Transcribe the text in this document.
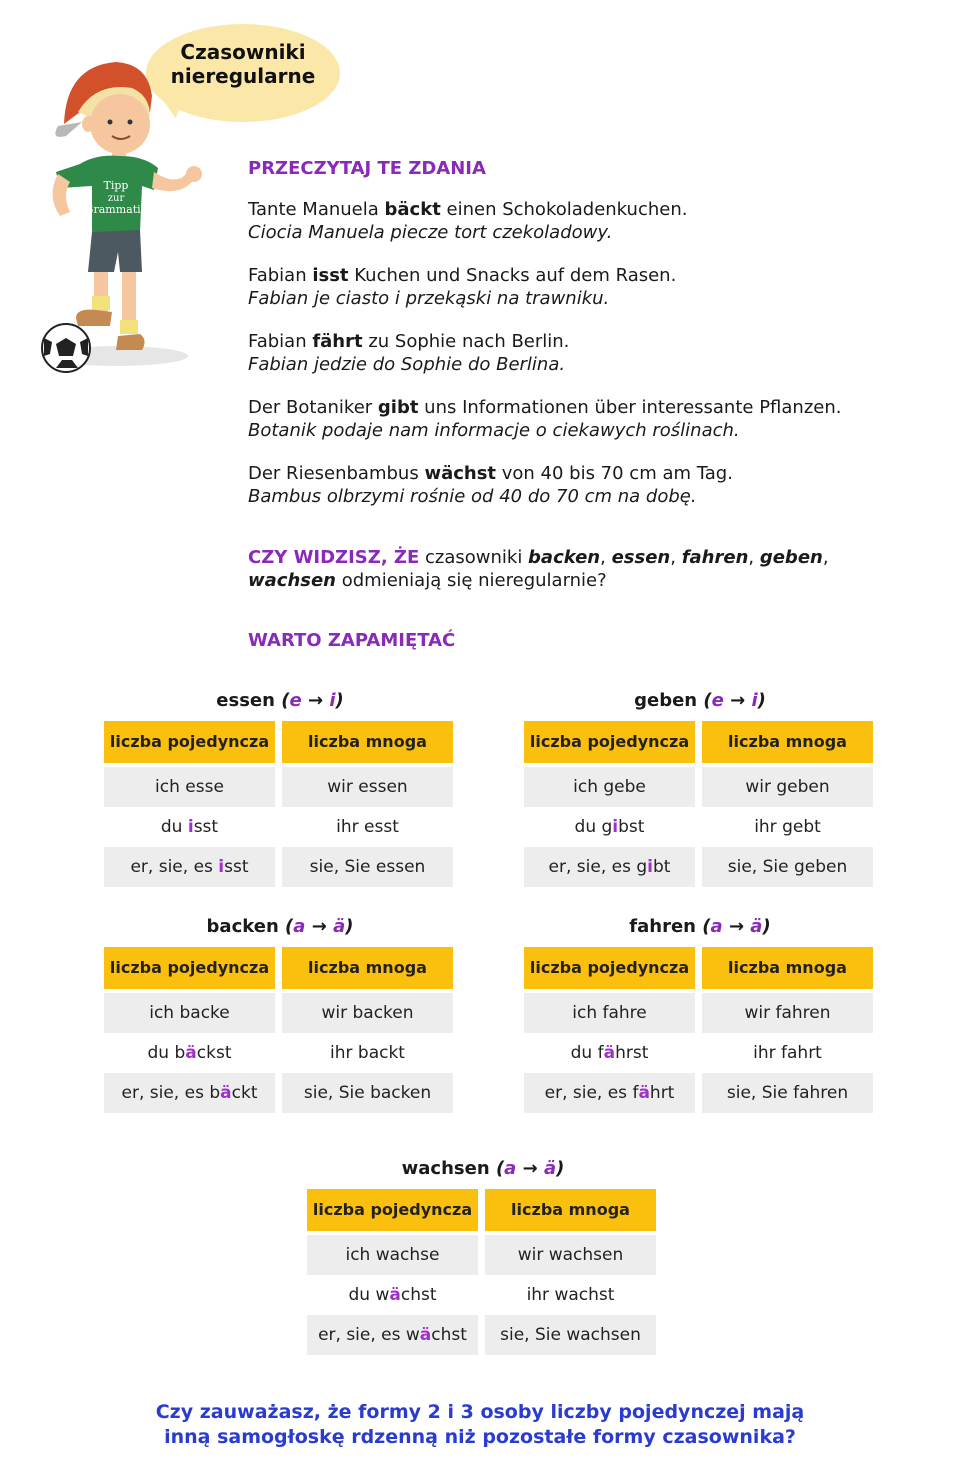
Czasowniki
nieregularne
Tipp
zur
Grammatik
PRZECZYTAJ TE ZDANIA
Tante Manuela bäckt einen Schokoladenkuchen.
Ciocia Manuela piecze tort czekoladowy.
Fabian isst Kuchen und Snacks auf dem Rasen.
Fabian je ciasto i przekąski na trawniku.
Fabian fährt zu Sophie nach Berlin.
Fabian jedzie do Sophie do Berlina.
Der Botaniker gibt uns Informationen über interessante Pflanzen.
Botanik podaje nam informacje o ciekawych roślinach.
Der Riesenbambus wächst von 40 bis 70 cm am Tag.
Bambus olbrzymi rośnie od 40 do 70 cm na dobę.
CZY WIDZISZ, ŻE czasowniki backen, essen, fahren, geben,
wachsen odmieniają się nieregularnie?
WARTO ZAPAMIĘTAĆ
essen (e → i)
liczba pojedyncza	liczba mnoga
ich esse	wir essen
du isst	ihr esst
er, sie, es isst	sie, Sie essen
geben (e → i)
liczba pojedyncza	liczba mnoga
ich gebe	wir geben
du gibst	ihr gebt
er, sie, es gibt	sie, Sie geben
backen (a → ä)
liczba pojedyncza	liczba mnoga
ich backe	wir backen
du bäckst	ihr backt
er, sie, es bäckt	sie, Sie backen
fahren (a → ä)
liczba pojedyncza	liczba mnoga
ich fahre	wir fahren
du fährst	ihr fahrt
er, sie, es fährt	sie, Sie fahren
wachsen (a → ä)
liczba pojedyncza	liczba mnoga
ich wachse	wir wachsen
du wächst	ihr wachst
er, sie, es wächst	sie, Sie wachsen
Czy zauważasz, że formy 2 i 3 osoby liczby pojedynczej mają
inną samogłoskę rdzenną niż pozostałe formy czasownika?
